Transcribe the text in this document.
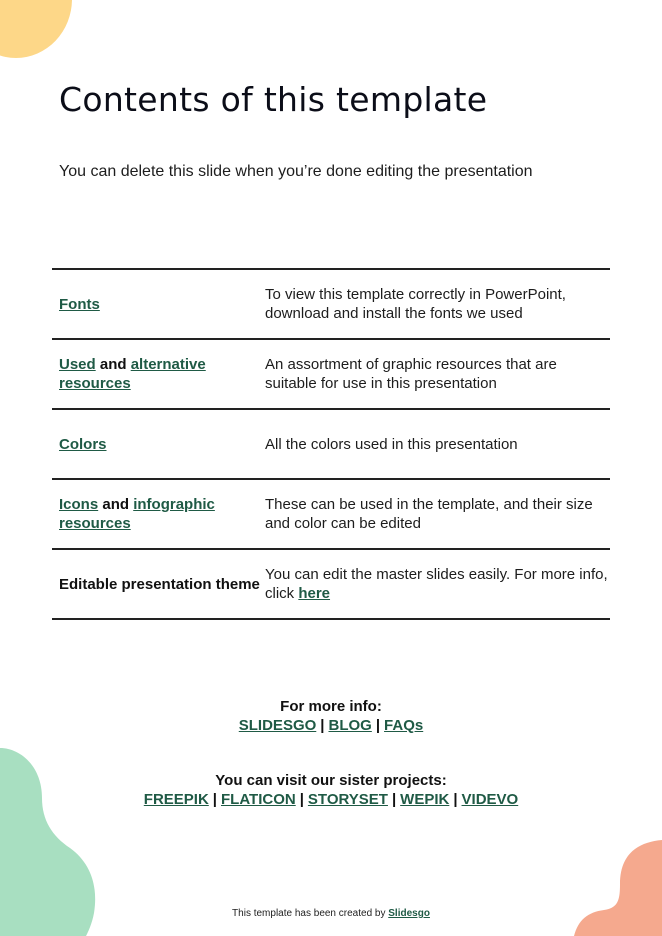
Contents of this template

You can delete this slide when you’re done editing the presentation

Fonts
To view this template correctly in PowerPoint, download and install the fonts we used
Used and alternative resources
An assortment of graphic resources that are suitable for use in this presentation
Colors	All the colors used in this presentation
Icons and infographic resources
These can be used in the template, and their size and color can be edited
Editable presentation theme
You can edit the master slides easily. For more info, click here
For more info:
SLIDESGO | BLOG | FAQs
You can visit our sister projects:
FREEPIK | FLATICON | STORYSET | WEPIK | VIDEVO
This template has been created by Slidesgo
